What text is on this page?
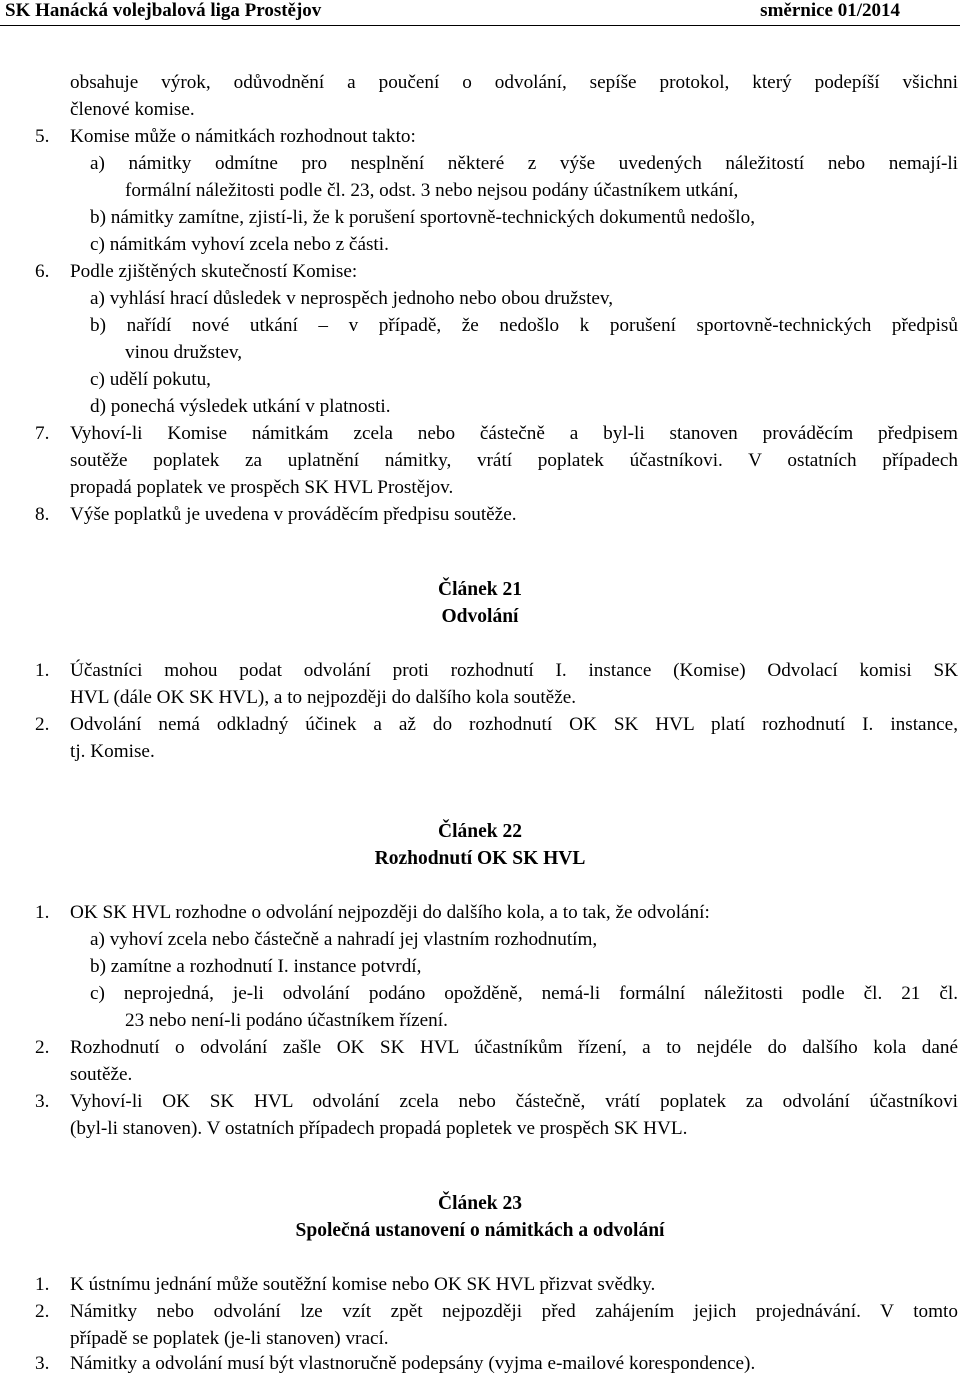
SK Hanácká volejbalová liga Prostějov	směrnice 01/2014
obsahuje výrok, odůvodnění a poučení o odvolání, sepíše protokol, který podepíší všichni
členové komise.
5. Komise může o námitkách rozhodnout takto:
a) námitky odmítne pro nesplnění některé z výše uvedených náležitostí nebo nemají-li
formální náležitosti podle čl. 23, odst. 3 nebo nejsou podány účastníkem utkání,
b) námitky zamítne, zjistí-li, že k porušení sportovně-technických dokumentů nedošlo,
c) námitkám vyhoví zcela nebo z části.
6. Podle zjištěných skutečností Komise:
a) vyhlásí hrací důsledek v neprospěch jednoho nebo obou družstev,
b) nařídí nové utkání – v případě, že nedošlo k porušení sportovně-technických předpisů
vinou družstev,
c) udělí pokutu,
d) ponechá výsledek utkání v platnosti.
7. Vyhoví-li Komise námitkám zcela nebo částečně a byl-li stanoven prováděcím předpisem
soutěže poplatek za uplatnění námitky, vrátí poplatek účastníkovi. V ostatních případech
propadá poplatek ve prospěch SK HVL Prostějov.
8. Výše poplatků je uvedena v prováděcím předpisu soutěže.
Článek 21
Odvolání
1. Účastníci mohou podat odvolání proti rozhodnutí I. instance (Komise) Odvolací komisi SK
HVL (dále OK SK HVL), a to nejpozději do dalšího kola soutěže.
2. Odvolání nemá odkladný účinek a až do rozhodnutí OK SK HVL platí rozhodnutí I. instance,
tj. Komise.
Článek 22
Rozhodnutí OK SK HVL
1. OK SK HVL rozhodne o odvolání nejpozději do dalšího kola, a to tak, že odvolání:
a) vyhoví zcela nebo částečně a nahradí jej vlastním rozhodnutím,
b) zamítne a rozhodnutí I. instance potvrdí,
c) neprojedná, je-li odvolání podáno opožděně, nemá-li formální náležitosti podle čl. 21 čl.
23 nebo není-li podáno účastníkem řízení.
2. Rozhodnutí o odvolání zašle OK SK HVL účastníkům řízení, a to nejdéle do dalšího kola dané
soutěže.
3. Vyhoví-li OK SK HVL odvolání zcela nebo částečně, vrátí poplatek za odvolání účastníkovi
(byl-li stanoven). V ostatních případech propadá popletek ve prospěch SK HVL.
Článek 23
Společná ustanovení o námitkách a odvolání
1. K ústnímu jednání může soutěžní komise nebo OK SK HVL přizvat svědky.
2. Námitky nebo odvolání lze vzít zpět nejpozději před zahájením jejich projednávání. V tomto
případě se poplatek (je-li stanoven) vrací.
3. Námitky a odvolání musí být vlastnoručně podepsány (vyjma e-mailové korespondence).
